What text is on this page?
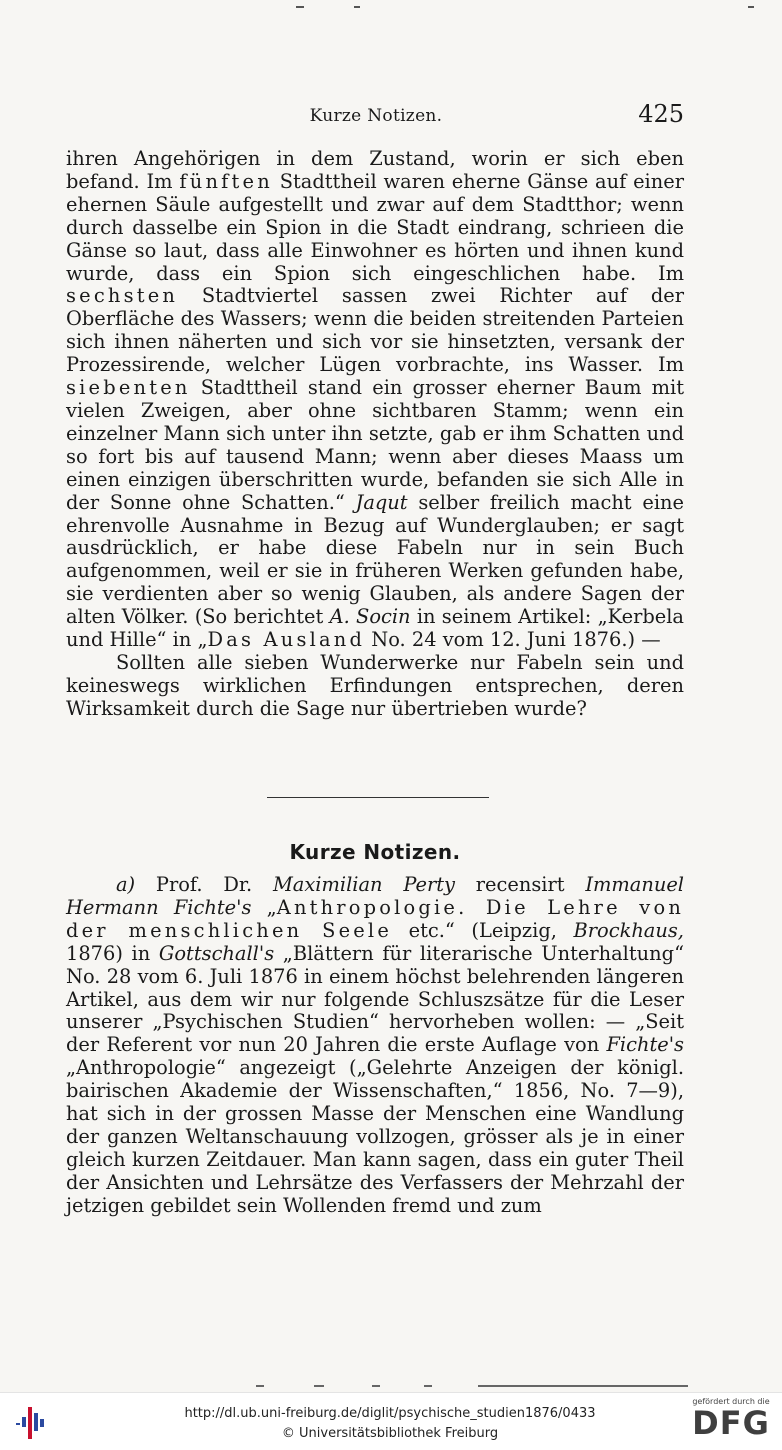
Kurze Notizen.	425

ihren Angehörigen in dem Zustand, worin er sich eben befand. Im fünften Stadttheil waren eherne Gänse auf einer ehernen Säule aufgestellt und zwar auf dem Stadtthor; wenn durch dasselbe ein Spion in die Stadt eindrang, schrieen die Gänse so laut, dass alle Einwohner es hörten und ihnen kund wurde, dass ein Spion sich eingeschlichen habe. Im sechsten Stadtviertel sassen zwei Richter auf der Oberfläche des Wassers; wenn die beiden streitenden Parteien sich ihnen näherten und sich vor sie hinsetzten, versank der Prozessirende, welcher Lügen vorbrachte, ins Wasser. Im siebenten Stadttheil stand ein grosser eherner Baum mit vielen Zweigen, aber ohne sichtbaren Stamm; wenn ein einzelner Mann sich unter ihn setzte, gab er ihm Schatten und so fort bis auf tausend Mann; wenn aber dieses Maass um einen einzigen überschritten wurde, befanden sie sich Alle in der Sonne ohne Schatten.“ Jaqut selber freilich macht eine ehrenvolle Ausnahme in Bezug auf Wunderglauben; er sagt ausdrücklich, er habe diese Fabeln nur in sein Buch aufgenommen, weil er sie in früheren Werken gefunden habe, sie verdienten aber so wenig Glauben, als andere Sagen der alten Völker. (So berichtet A. Socin in seinem Artikel: „Kerbela und Hille“ in „Das Ausland No. 24 vom 12. Juni 1876.) —

Sollten alle sieben Wunderwerke nur Fabeln sein und keineswegs wirklichen Erfindungen entsprechen, deren Wirksamkeit durch die Sage nur übertrieben wurde?

Kurze Notizen.

a) Prof. Dr. Maximilian Perty recensirt Immanuel Hermann Fichte's „Anthropologie. Die Lehre von der menschlichen Seele etc.“ (Leipzig, Brockhaus, 1876) in Gottschall's „Blättern für literarische Unterhaltung“ No. 28 vom 6. Juli 1876 in einem höchst belehrenden längeren Artikel, aus dem wir nur folgende Schluszsätze für die Leser unserer „Psychischen Studien“ hervorheben wollen: — „Seit der Referent vor nun 20 Jahren die erste Auflage von Fichte's „Anthropologie“ angezeigt („Gelehrte Anzeigen der königl. bairischen Akademie der Wissenschaften,“ 1856, No. 7—9), hat sich in der grossen Masse der Menschen eine Wandlung der ganzen Weltanschauung vollzogen, grösser als je in einer gleich kurzen Zeitdauer. Man kann sagen, dass ein guter Theil der Ansichten und Lehrsätze des Verfassers der Mehrzahl der jetzigen gebildet sein Wollenden fremd und zum

http://dl.ub.uni-freiburg.de/diglit/psychische_studien1876/0433
© Universitätsbibliothek Freiburg
gefördert durch die
DFG
